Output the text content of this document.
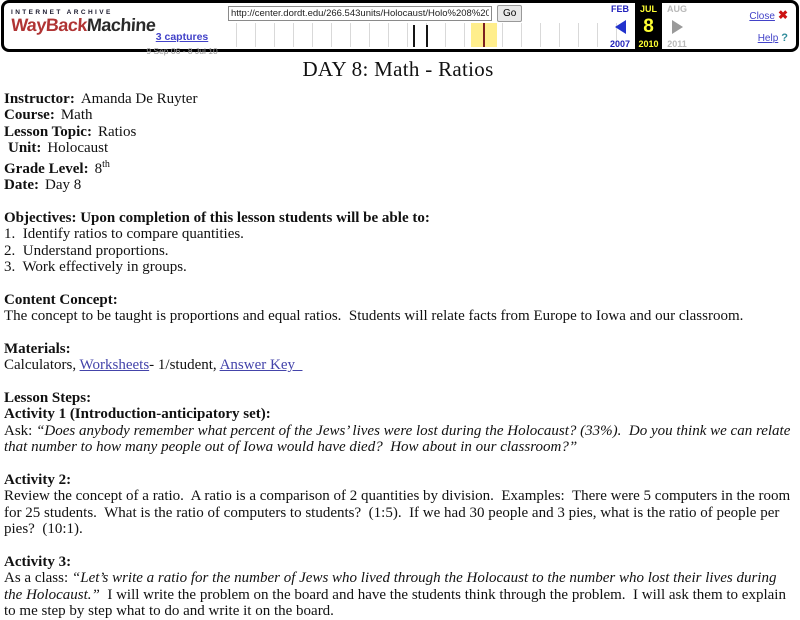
INTERNET ARCHIVE
WayBackMachine
3 captures
9 Sep 06 - 8 Jul 10
http://center.dordt.edu/266.543units/Holocaust/Holo%208%20-%20Rations.htm
Go	FEB
2007
JUL
8
2010
AUG
2011
Close ✖
Help ?
DAY 8: Math - Ratios
Instructor: Amanda De Ruyter
Course: Math
Lesson Topic: Ratios
Unit: Holocaust
Grade Level: 8th
Date: Day 8
Objectives: Upon completion of this lesson students will be able to:
1.  Identify ratios to compare quantities.
2.  Understand proportions.
3.  Work effectively in groups.
Content Concept:
The concept to be taught is proportions and equal ratios.  Students will relate facts from Europe to Iowa and our classroom.
Materials:
Calculators, Worksheets- 1/student, Answer Key
Lesson Steps:
Activity 1 (Introduction-anticipatory set):
Ask: “Does anybody remember what percent of the Jews’ lives were lost during the Holocaust? (33%).  Do you think we can relate that number to how many people out of Iowa would have died?  How about in our classroom?”
Activity 2:
Review the concept of a ratio.  A ratio is a comparison of 2 quantities by division.  Examples:  There were 5 computers in the room for 25 students.  What is the ratio of computers to students?  (1:5).  If we had 30 people and 3 pies, what is the ratio of people per pies?  (10:1).
Activity 3:
As a class: “Let’s write a ratio for the number of Jews who lived through the Holocaust to the number who lost their lives during the Holocaust.”  I will write the problem on the board and have the students think through the problem.  I will ask them to explain to me step by step what to do and write it on the board.
